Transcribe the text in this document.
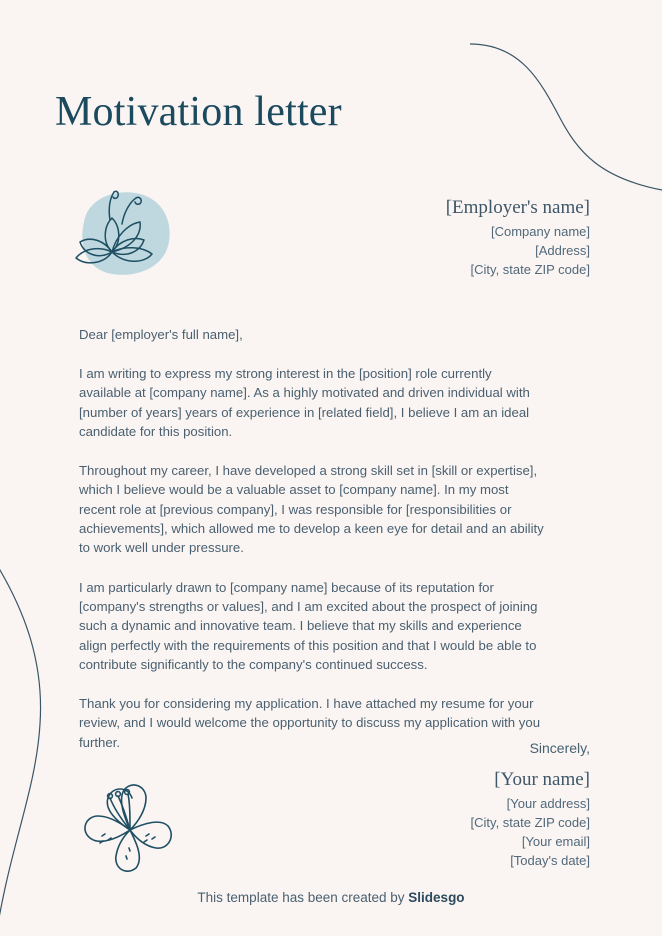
Motivation letter
[Employer's name]
[Company name]
[Address]
[City, state ZIP code]
Dear [employer's full name],

I am writing to express my strong interest in the [position] role currently available at [company name]. As a highly motivated and driven individual with [number of years] years of experience in [related field], I believe I am an ideal candidate for this position.

Throughout my career, I have developed a strong skill set in [skill or expertise], which I believe would be a valuable asset to [company name]. In my most recent role at [previous company], I was responsible for [responsibilities or achievements], which allowed me to develop a keen eye for detail and an ability to work well under pressure.

I am particularly drawn to [company name] because of its reputation for [company's strengths or values], and I am excited about the prospect of joining such a dynamic and innovative team. I believe that my skills and experience align perfectly with the requirements of this position and that I would be able to contribute significantly to the company's continued success.

Thank you for considering my application. I have attached my resume for your review, and I would welcome the opportunity to discuss my application with you further.	Sincerely,
[Your name]
[Your address]
[City, state ZIP code]
[Your email]
[Today's date]
This template has been created by Slidesgo
